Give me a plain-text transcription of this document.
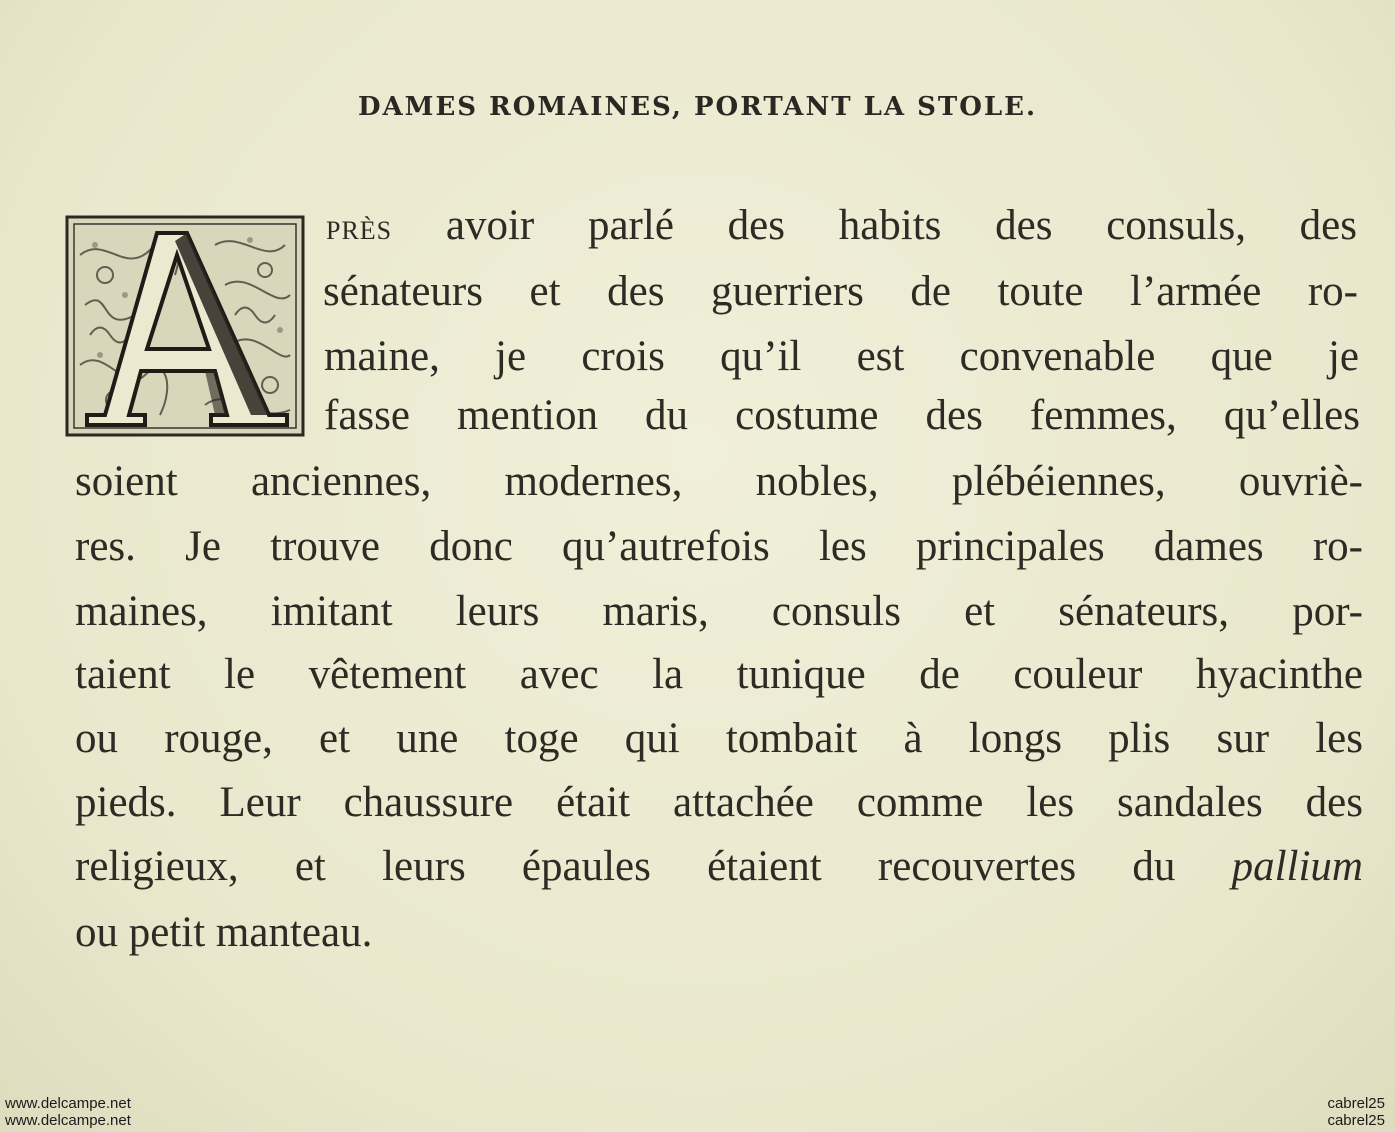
DAMES ROMAINES, PORTANT LA STOLE.
PRÈS avoir parlé des habits des consuls, des
sénateurs et des guerriers de toute l’armée ro-
maine, je crois qu’il est convenable que je
fasse mention du costume des femmes, qu’elles
soient anciennes, modernes, nobles, plébéiennes, ouvriè-
res. Je trouve donc qu’autrefois les principales dames ro-
maines, imitant leurs maris, consuls et sénateurs, por-
taient le vêtement avec la tunique de couleur hyacinthe
ou rouge, et une toge qui tombait à longs plis sur les
pieds. Leur chaussure était attachée comme les sandales des
religieux, et leurs épaules étaient recouvertes du pallium
ou petit manteau.
www.delcampe.net
www.delcampe.net
cabrel25
cabrel25
